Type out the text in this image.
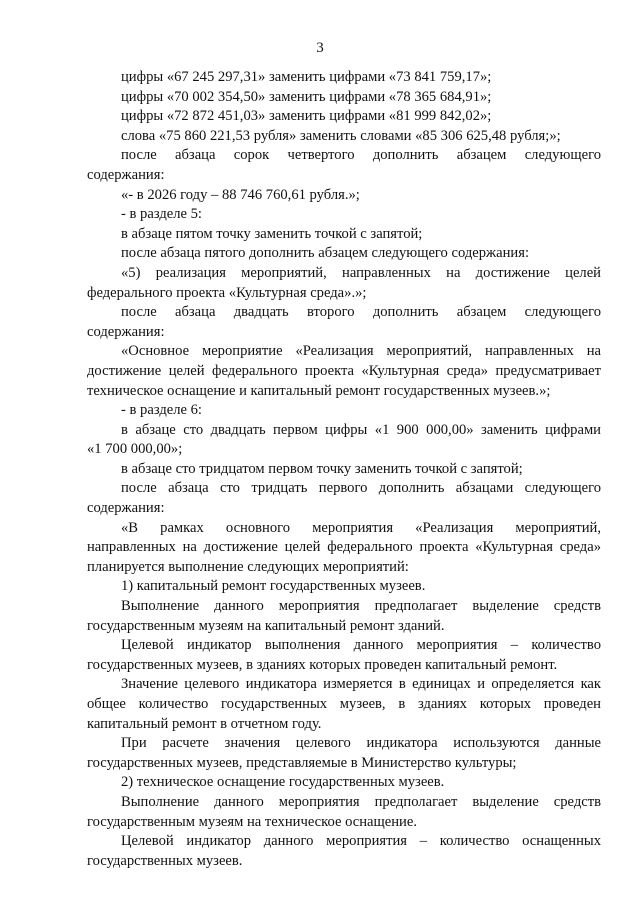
3

цифры «67 245 297,31» заменить цифрами «73 841 759,17»;

цифры «70 002 354,50» заменить цифрами «78 365 684,91»;

цифры «72 872 451,03» заменить цифрами «81 999 842,02»;

слова «75 860 221,53 рубля» заменить словами «85 306 625,48 рубля;»;

после абзаца сорок четвертого дополнить абзацем следующего

содержания:

«- в 2026 году – 88 746 760,61 рубля.»;

- в разделе 5:

в абзаце пятом точку заменить точкой с запятой;

после абзаца пятого дополнить абзацем следующего содержания:

«5) реализация мероприятий, направленных на достижение целей

федерального проекта «Культурная среда».»;

после абзаца двадцать второго дополнить абзацем следующего

содержания:

«Основное мероприятие «Реализация мероприятий, направленных на достижение целей федерального проекта «Культурная среда» предусматривает техническое оснащение и капитальный ремонт государственных музеев.»;

- в разделе 6:

в абзаце сто двадцать первом цифры «1 900 000,00» заменить цифрами

«1 700 000,00»;

в абзаце сто тридцатом первом точку заменить точкой с запятой;

после абзаца сто тридцать первого дополнить абзацами следующего

содержания:

«В рамках основного мероприятия «Реализация мероприятий,

направленных на достижение целей федерального проекта «Культурная среда» планируется выполнение следующих мероприятий:

1) капитальный ремонт государственных музеев.

Выполнение данного мероприятия предполагает выделение средств государственным музеям на капитальный ремонт зданий.

Целевой индикатор выполнения данного мероприятия – количество государственных музеев, в зданиях которых проведен капитальный ремонт.

Значение целевого индикатора измеряется в единицах и определяется как общее количество государственных музеев, в зданиях которых проведен капитальный ремонт в отчетном году.

При расчете значения целевого индикатора используются данные государственных музеев, представляемые в Министерство культуры;

2) техническое оснащение государственных музеев.

Выполнение данного мероприятия предполагает выделение средств государственным музеям на техническое оснащение.

Целевой индикатор данного мероприятия – количество оснащенных государственных музеев.
